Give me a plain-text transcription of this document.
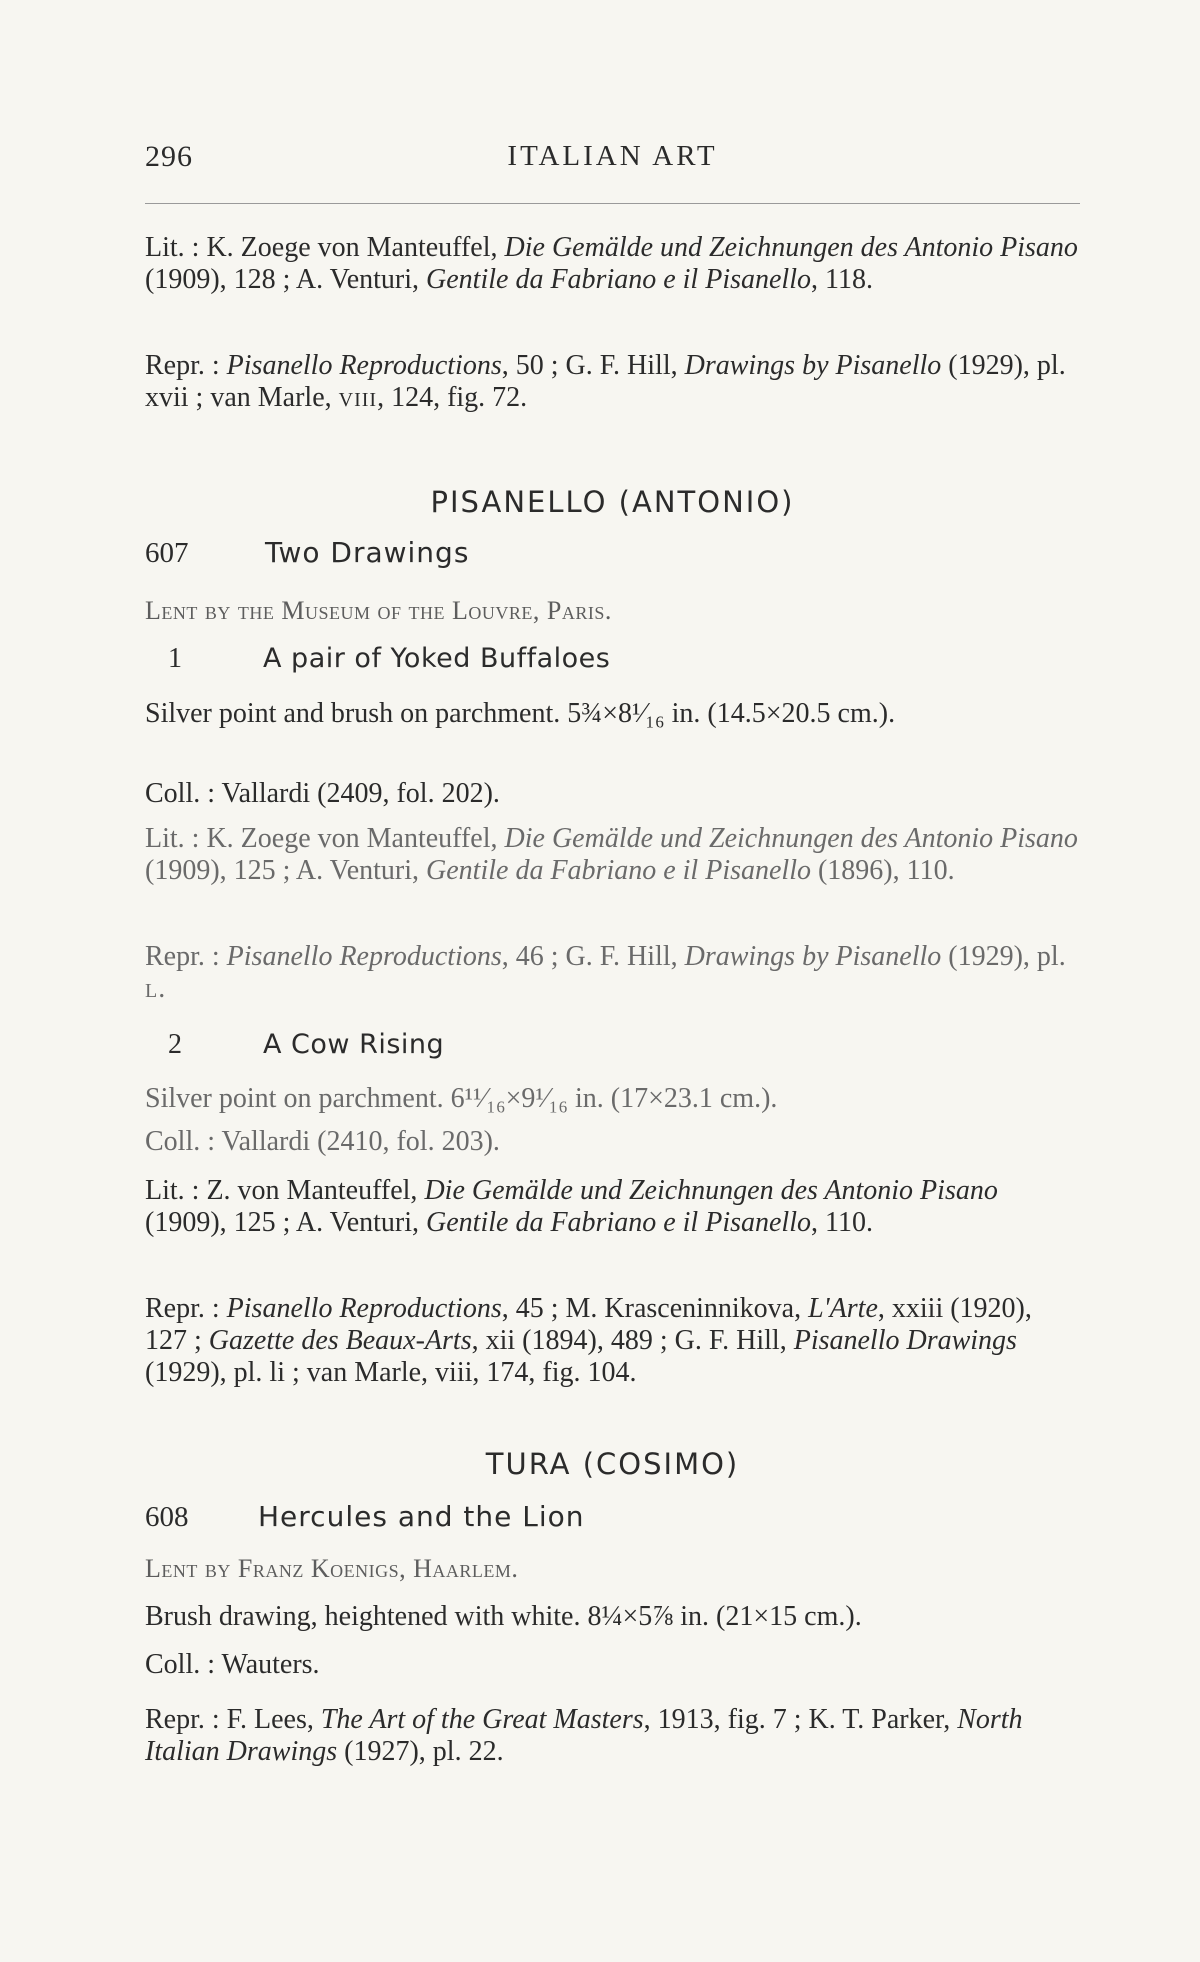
296	ITALIAN ART

Lit. : K. Zoege von Manteuffel, Die Gemälde und Zeichnungen des Antonio Pisano (1909), 128 ; A. Venturi, Gentile da Fabriano e il Pisanello, 118.

Repr. : Pisanello Reproductions, 50 ; G. F. Hill, Drawings by Pisanello (1929), pl. xvii ; van Marle, viii, 124, fig. 72.

PISANELLO (ANTONIO)
607	Two Drawings
Lent by the Museum of the Louvre, Paris.
1	A pair of Yoked Buffaloes
Silver point and brush on parchment. 5¾×8¹⁄₁₆ in. (14.5×20.5 cm.).
Coll. : Vallardi (2409, fol. 202).

Lit. : K. Zoege von Manteuffel, Die Gemälde und Zeichnungen des Antonio Pisano (1909), 125 ; A. Venturi, Gentile da Fabriano e il Pisanello (1896), 110.

Repr. : Pisanello Reproductions, 46 ; G. F. Hill, Drawings by Pisanello (1929), pl. l.

2	A Cow Rising
Silver point on parchment. 6¹¹⁄₁₆×9¹⁄₁₆ in. (17×23.1 cm.).
Coll. : Vallardi (2410, fol. 203).

Lit. : Z. von Manteuffel, Die Gemälde und Zeichnungen des Antonio Pisano (1909), 125 ; A. Venturi, Gentile da Fabriano e il Pisanello, 110.

Repr. : Pisanello Reproductions, 45 ; M. Krasceninnikova, L'Arte, xxiii (1920), 127 ; Gazette des Beaux-Arts, xii (1894), 489 ; G. F. Hill, Pisanello Drawings (1929), pl. li ; van Marle, viii, 174, fig. 104.

TURA (COSIMO)
608 Hercules and the Lion
Lent by Franz Koenigs, Haarlem.
Brush drawing, heightened with white. 8¼×5⅞ in. (21×15 cm.).
Coll. : Wauters.

Repr. : F. Lees, The Art of the Great Masters, 1913, fig. 7 ; K. T. Parker, North Italian Drawings (1927), pl. 22.
